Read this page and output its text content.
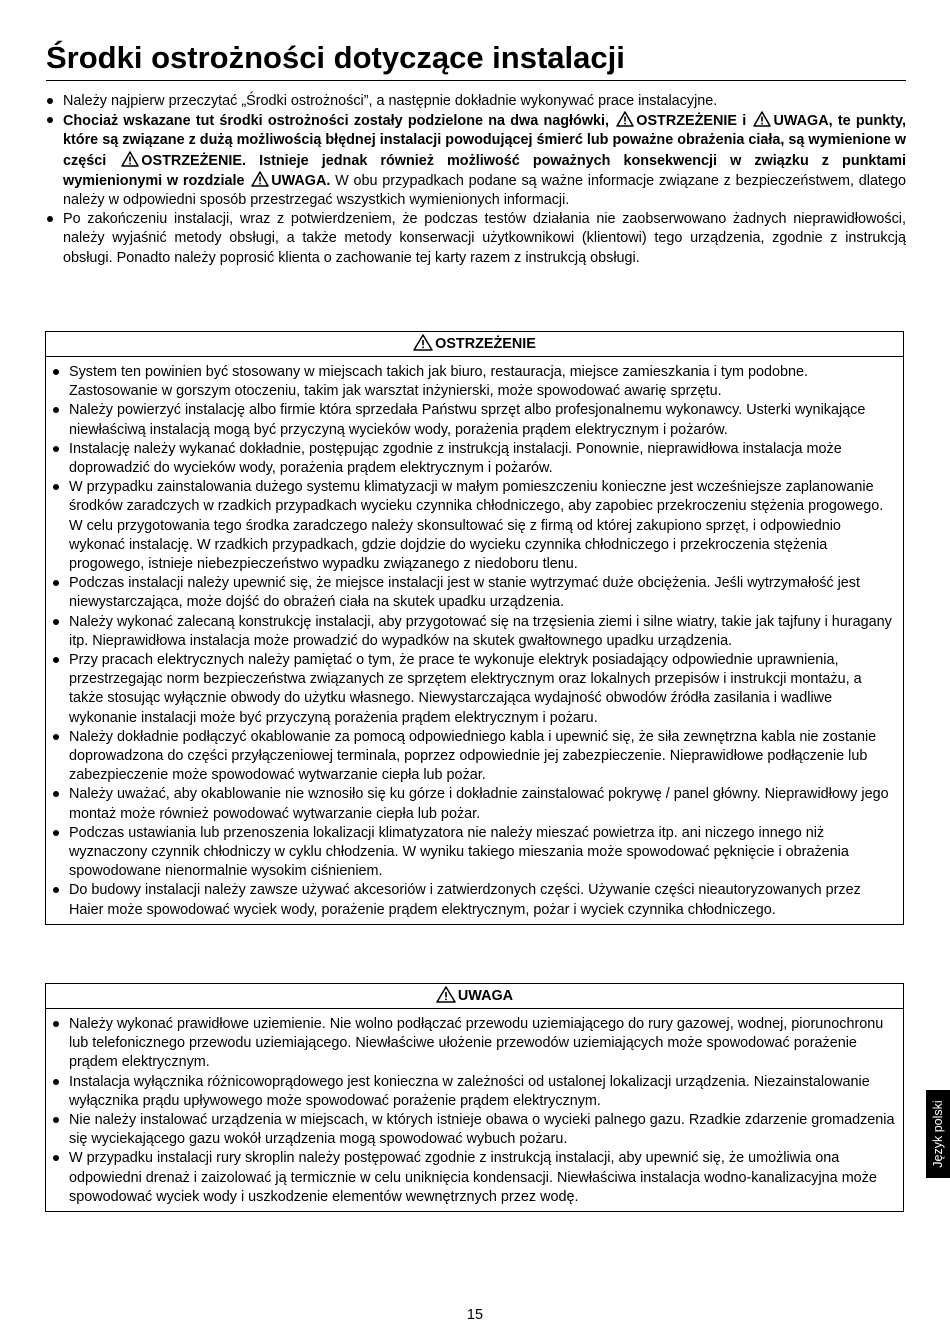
Środki ostrożności dotyczące instalacji
Należy najpierw przeczytać „Środki ostrożności”, a następnie dokładnie wykonywać prace instalacyjne.
Chociaż wskazane tut środki ostrożności zostały podzielone na dwa nagłówki, OSTRZEŻENIE i UWAGA, te punkty, które są związane z dużą możliwością błędnej instalacji powodującej śmierć lub poważne obrażenia ciała, są wymienione w części OSTRZEŻENIE. Istnieje jednak również możliwość poważnych konsekwencji w związku z punktami wymienionymi w rozdziale UWAGA. W obu przypadkach podane są ważne informacje związane z bezpieczeństwem, dlatego należy w odpowiedni sposób przestrzegać wszystkich wymienionych informacji.
Po zakończeniu instalacji, wraz z potwierdzeniem, że podczas testów działania nie zaobserwowano żadnych nieprawidłowości, należy wyjaśnić metody obsługi, a także metody konserwacji użytkownikowi (klientowi) tego urządzenia, zgodnie z instrukcją obsługi. Ponadto należy poprosić klienta o zachowanie tej karty razem z instrukcją obsługi.
OSTRZEŻENIE
System ten powinien być stosowany w miejscach takich jak biuro, restauracja, miejsce zamieszkania i tym podobne. Zastosowanie w gorszym otoczeniu, takim jak warsztat inżynierski, może spowodować awarię sprzętu.
Należy powierzyć instalację albo firmie która sprzedała Państwu sprzęt albo profesjonalnemu wykonawcy. Usterki wynikające niewłaściwą instalacją mogą być przyczyną wycieków wody, porażenia prądem elektrycznym i pożarów.
Instalację należy wykanać dokładnie, postępując zgodnie z instrukcją instalacji. Ponownie, nieprawidłowa instalacja może doprowadzić do wycieków wody, porażenia prądem elektrycznym i pożarów.
W przypadku zainstalowania dużego systemu klimatyzacji w małym pomieszczeniu konieczne jest wcześniejsze zaplanowanie środków zaradczych w rzadkich przypadkach wycieku czynnika chłodniczego, aby zapobiec przekroczeniu stężenia progowego. W celu przygotowania tego środka zaradczego należy skonsultować się z firmą od której zakupiono sprzęt, i odpowiednio wykonać instalację. W rzadkich przypadkach, gdzie dojdzie do wycieku czynnika chłodniczego i przekroczenia stężenia progowego, istnieje niebezpieczeństwo wypadku związanego z niedoboru tlenu.
Podczas instalacji należy upewnić się, że miejsce instalacji jest w stanie wytrzymać duże obciężenia. Jeśli wytrzymałość jest niewystarczająca, może dojść do obrażeń ciała na skutek upadku urządzenia.
Należy wykonać zalecaną konstrukcję instalacji, aby przygotować się na trzęsienia ziemi i silne wiatry, takie jak tajfuny i huragany itp. Nieprawidłowa instalacja może prowadzić do wypadków na skutek gwałtownego upadku urządzenia.
Przy pracach elektrycznych należy pamiętać o tym, że prace te wykonuje elektryk posiadający odpowiednie uprawnienia, przestrzegając norm bezpieczeństwa związanych ze sprzętem elektrycznym oraz lokalnych przepisów i instrukcji montażu, a także stosując wyłącznie obwody do użytku własnego. Niewystarczająca wydajność obwodów źródła zasilania i wadliwe wykonanie instalacji może być przyczyną porażenia prądem elektrycznym i pożaru.
Należy dokładnie podłączyć okablowanie za pomocą odpowiedniego kabla i upewnić się, że siła zewnętrzna kabla nie zostanie doprowadzona do części przyłączeniowej terminala, poprzez odpowiednie jej zabezpieczenie. Nieprawidłowe podłączenie lub zabezpieczenie może spowodować wytwarzanie ciepła lub pożar.
Należy uważać, aby okablowanie nie wznosiło się ku górze i dokładnie zainstalować pokrywę / panel główny. Nieprawidłowy jego montaż może również powodować wytwarzanie ciepła lub pożar.
Podczas ustawiania lub przenoszenia lokalizacji klimatyzatora nie należy mieszać powietrza itp. ani niczego innego niż wyznaczony czynnik chłodniczy w cyklu chłodzenia. W wyniku takiego mieszania może spowodować pęknięcie i obrażenia spowodowane nienormalnie wysokim ciśnieniem.
Do budowy instalacji należy zawsze używać akcesoriów i zatwierdzonych części. Używanie części nieautoryzowanych przez Haier może spowodować wyciek wody, porażenie prądem elektrycznym, pożar i wyciek czynnika chłodniczego.
UWAGA
Należy wykonać prawidłowe uziemienie. Nie wolno podłączać przewodu uziemiającego do rury gazowej, wodnej, piorunochronu lub telefonicznego przewodu uziemiającego. Niewłaściwe ułożenie przewodów uziemiających może spowodować porażenie prądem elektrycznym.
Instalacja wyłącznika różnicowoprądowego jest konieczna w zależności od ustalonej lokalizacji urządzenia. Niezainstalowanie wyłącznika prądu upływowego może spowodować porażenie prądem elektrycznym.
Nie należy instalować urządzenia w miejscach, w których istnieje obawa o wycieki palnego gazu. Rzadkie zdarzenie gromadzenia się wyciekającego gazu wokół urządzenia mogą spowodować wybuch pożaru.
W przypadku instalacji rury skroplin należy postępować zgodnie z instrukcją instalacji, aby upewnić się, że umożliwia ona odpowiedni drenaż i zaizolować ją termicznie w celu uniknięcia kondensacji. Niewłaściwa instalacja wodno-kanalizacyjna może spowodować wyciek wody i uszkodzenie elementów wewnętrznych przez wodę.
Język polski
15
